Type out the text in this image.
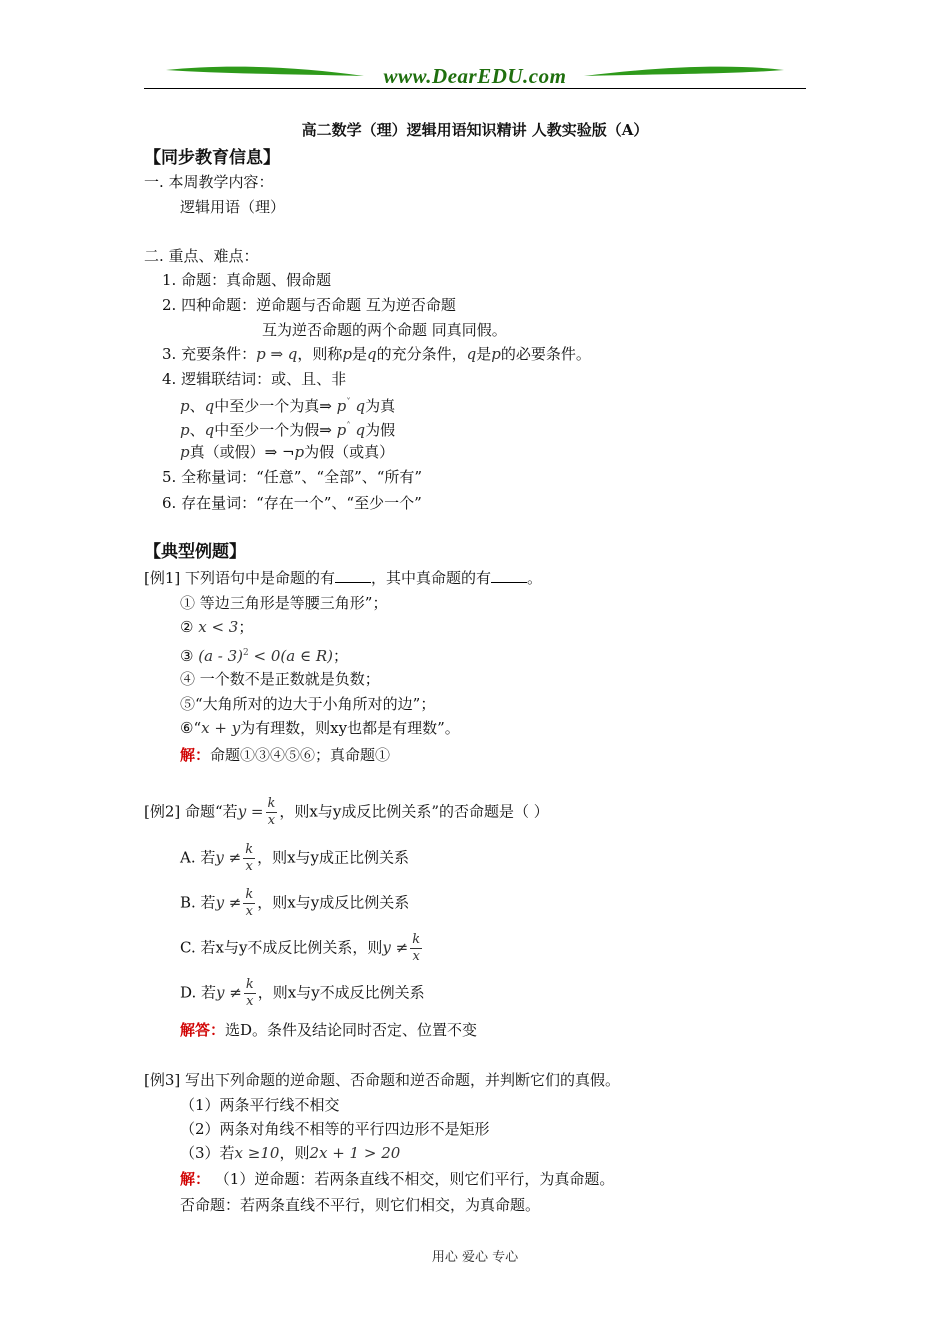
www.DearEDU.com
高二数学（理）逻辑用语知识精讲 人教实验版（A）
【同步教育信息】
一. 本周教学内容：
逻辑用语（理）
二. 重点、难点：
1. 命题：真命题、假命题
2. 四种命题：逆命题与否命题 互为逆否命题
互为逆否命题的两个命题 同真同假。
3. 充要条件：p ⇒ q，则称p是q的充分条件，q是p的必要条件。
4. 逻辑联结词：或、且、非
p、q中至少一个为真⇒ p˅ q为真
p、q中至少一个为假⇒ p˄ q为假
p真（或假）⇒ ¬p为假（或真）
5. 全称量词：“任意”、“全部”、“所有”
6. 存在量词：“存在一个”、“至少一个”
【典型例题】
[例1] 下列语句中是命题的有 ，其中真命题的有 。
① 等边三角形是等腰三角形”；
② x < 3；
③ (a - 3)$^2$ < 0(a ∈ R)；
④ 一个数不是正数就是负数；
⑤“大角所对的边大于小角所对的边”；
⑥“x + y为有理数，则xy也都是有理数”。
解：命题①③④⑤⑥；真命题①
[例2] 命题“若$y = \frac{k}{x}$ ，则x与y成反比例关系”的否命题是（ ）
A. 若$y \ne \frac{k}{x}$ ，则x与y成正比例关系
B. 若$y \ne \frac{k}{x}$ ，则x与y成反比例关系
C. 若x与y不成反比例关系，则$y \ne \frac{k}{x}$
D. 若$y \ne \frac{k}{x}$ ，则x与y不成反比例关系
解答：选D。条件及结论同时否定、位置不变
[例3] 写出下列命题的逆命题、否命题和逆否命题，并判断它们的真假。
（1）两条平行线不相交
（2）两条对角线不相等的平行四边形不是矩形
（3）若x ≥10，则2x + 1 > 20
解： （1）逆命题：若两条直线不相交，则它们平行，为真命题。
否命题：若两条直线不平行，则它们相交，为真命题。
用心 爱心 专心
